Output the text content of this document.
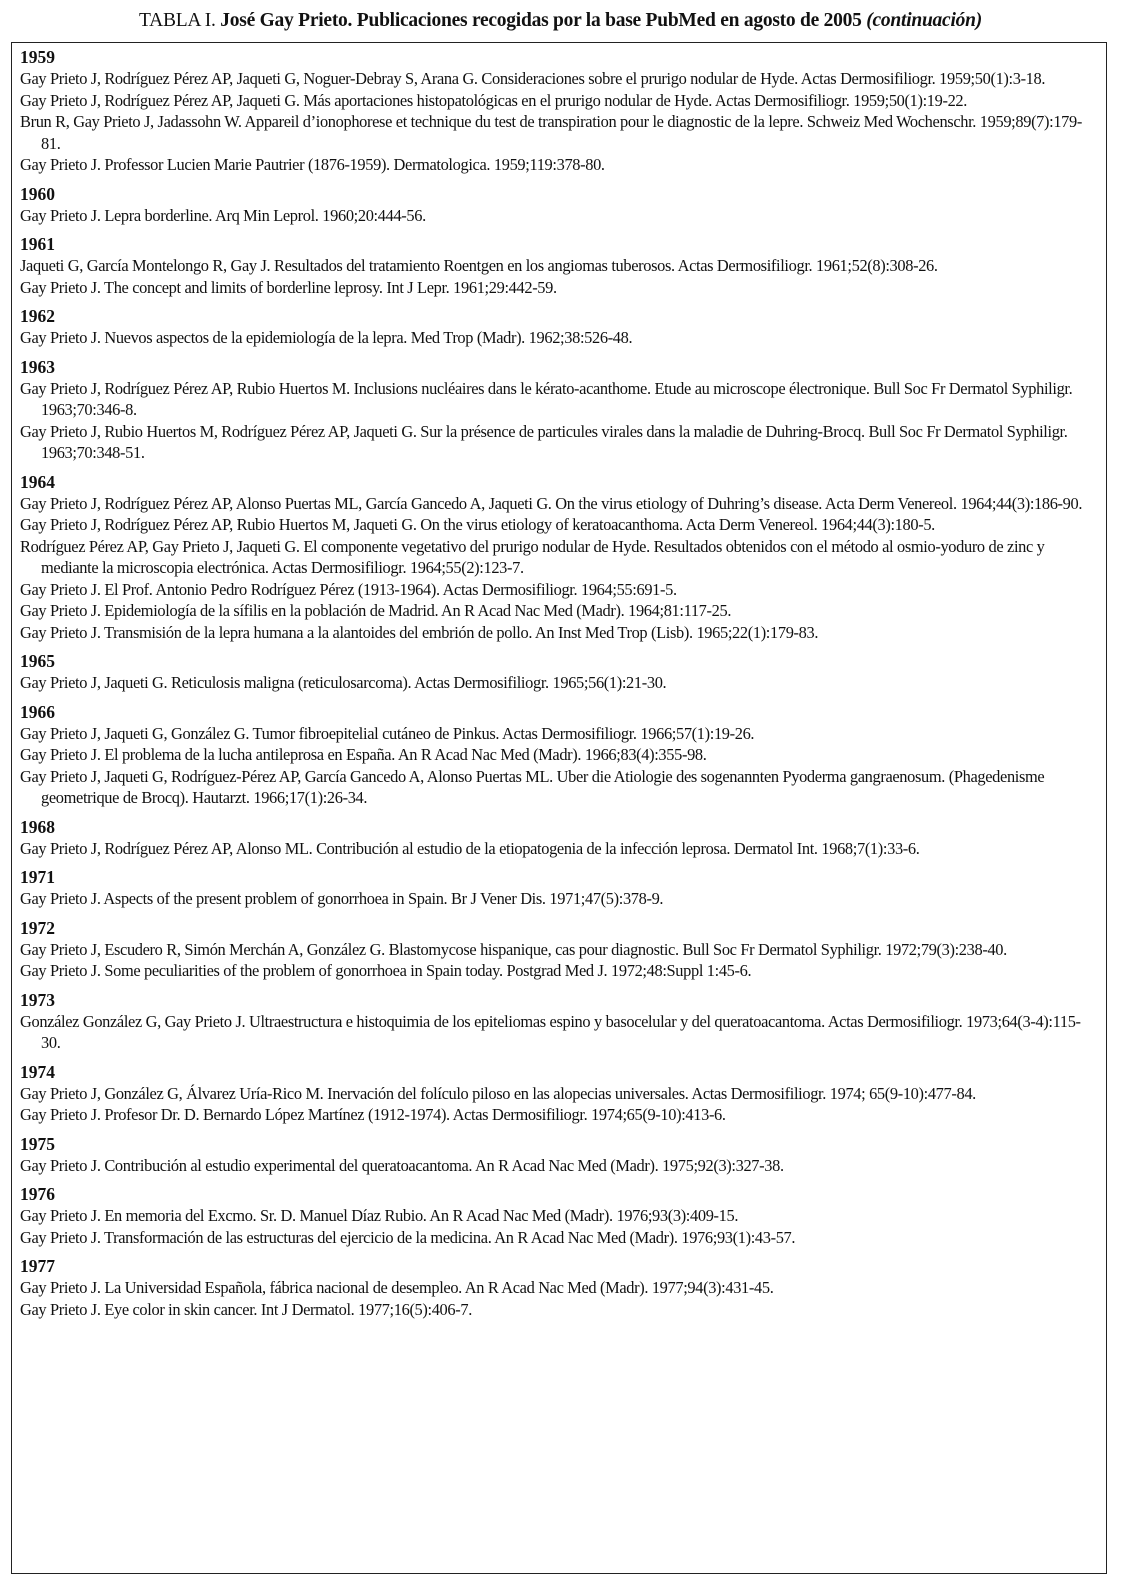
TABLA I. José Gay Prieto. Publicaciones recogidas por la base PubMed en agosto de 2005 (continuación)
1959
Gay Prieto J, Rodríguez Pérez AP, Jaqueti G, Noguer-Debray S, Arana G. Consideraciones sobre el prurigo nodular de Hyde. Actas Dermosifiliogr. 1959;50(1):3-18.
Gay Prieto J, Rodríguez Pérez AP, Jaqueti G. Más aportaciones histopatológicas en el prurigo nodular de Hyde. Actas Dermosifiliogr. 1959;50(1):19-22.
Brun R, Gay Prieto J, Jadassohn W. Appareil d’ionophorese et technique du test de transpiration pour le diagnostic de la lepre. Schweiz Med Wochenschr. 1959;89(7):179-81.
Gay Prieto J. Professor Lucien Marie Pautrier (1876-1959). Dermatologica. 1959;119:378-80.
1960
Gay Prieto J. Lepra borderline. Arq Min Leprol. 1960;20:444-56.
1961
Jaqueti G, García Montelongo R, Gay J. Resultados del tratamiento Roentgen en los angiomas tuberosos. Actas Dermosifiliogr. 1961;52(8):308-26.
Gay Prieto J. The concept and limits of borderline leprosy. Int J Lepr. 1961;29:442-59.
1962
Gay Prieto J. Nuevos aspectos de la epidemiología de la lepra. Med Trop (Madr). 1962;38:526-48.
1963
Gay Prieto J, Rodríguez Pérez AP, Rubio Huertos M. Inclusions nucléaires dans le kérato-acanthome. Etude au microscope électronique. Bull Soc Fr Dermatol Syphiligr. 1963;70:346-8.
Gay Prieto J, Rubio Huertos M, Rodríguez Pérez AP, Jaqueti G. Sur la présence de particules virales dans la maladie de Duhring-Brocq. Bull Soc Fr Dermatol Syphiligr. 1963;70:348-51.
1964
Gay Prieto J, Rodríguez Pérez AP, Alonso Puertas ML, García Gancedo A, Jaqueti G. On the virus etiology of Duhring’s disease. Acta Derm Venereol. 1964;44(3):186-90.
Gay Prieto J, Rodríguez Pérez AP, Rubio Huertos M, Jaqueti G. On the virus etiology of keratoacanthoma. Acta Derm Venereol. 1964;44(3):180-5.
Rodríguez Pérez AP, Gay Prieto J, Jaqueti G. El componente vegetativo del prurigo nodular de Hyde. Resultados obtenidos con el método al osmio-yoduro de zinc y mediante la microscopia electrónica. Actas Dermosifiliogr. 1964;55(2):123-7.
Gay Prieto J. El Prof. Antonio Pedro Rodríguez Pérez (1913-1964). Actas Dermosifiliogr. 1964;55:691-5.
Gay Prieto J. Epidemiología de la sífilis en la población de Madrid. An R Acad Nac Med (Madr). 1964;81:117-25.
Gay Prieto J. Transmisión de la lepra humana a la alantoides del embrión de pollo. An Inst Med Trop (Lisb). 1965;22(1):179-83.
1965
Gay Prieto J, Jaqueti G. Reticulosis maligna (reticulosarcoma). Actas Dermosifiliogr. 1965;56(1):21-30.
1966
Gay Prieto J, Jaqueti G, González G. Tumor fibroepitelial cutáneo de Pinkus. Actas Dermosifiliogr. 1966;57(1):19-26.
Gay Prieto J. El problema de la lucha antileprosa en España. An R Acad Nac Med (Madr). 1966;83(4):355-98.
Gay Prieto J, Jaqueti G, Rodríguez-Pérez AP, García Gancedo A, Alonso Puertas ML. Uber die Atiologie des sogenannten Pyoderma gangraenosum. (Phagedenisme geometrique de Brocq). Hautarzt. 1966;17(1):26-34.
1968
Gay Prieto J, Rodríguez Pérez AP, Alonso ML. Contribución al estudio de la etiopatogenia de la infección leprosa. Dermatol Int. 1968;7(1):33-6.
1971
Gay Prieto J. Aspects of the present problem of gonorrhoea in Spain. Br J Vener Dis. 1971;47(5):378-9.
1972
Gay Prieto J, Escudero R, Simón Merchán A, González G. Blastomycose hispanique, cas pour diagnostic. Bull Soc Fr Dermatol Syphiligr. 1972;79(3):238-40.
Gay Prieto J. Some peculiarities of the problem of gonorrhoea in Spain today. Postgrad Med J. 1972;48:Suppl 1:45-6.
1973
González González G, Gay Prieto J. Ultraestructura e histoquimia de los epiteliomas espino y basocelular y del queratoacantoma. Actas Dermosifiliogr. 1973;64(3-4):115-30.
1974
Gay Prieto J, González G, Álvarez Uría-Rico M. Inervación del folículo piloso en las alopecias universales. Actas Dermosifiliogr. 1974; 65(9-10):477-84.
Gay Prieto J. Profesor Dr. D. Bernardo López Martínez (1912-1974). Actas Dermosifiliogr. 1974;65(9-10):413-6.
1975
Gay Prieto J. Contribución al estudio experimental del queratoacantoma. An R Acad Nac Med (Madr). 1975;92(3):327-38.
1976
Gay Prieto J. En memoria del Excmo. Sr. D. Manuel Díaz Rubio. An R Acad Nac Med (Madr). 1976;93(3):409-15.
Gay Prieto J. Transformación de las estructuras del ejercicio de la medicina. An R Acad Nac Med (Madr). 1976;93(1):43-57.
1977
Gay Prieto J. La Universidad Española, fábrica nacional de desempleo. An R Acad Nac Med (Madr). 1977;94(3):431-45.
Gay Prieto J. Eye color in skin cancer. Int J Dermatol. 1977;16(5):406-7.
